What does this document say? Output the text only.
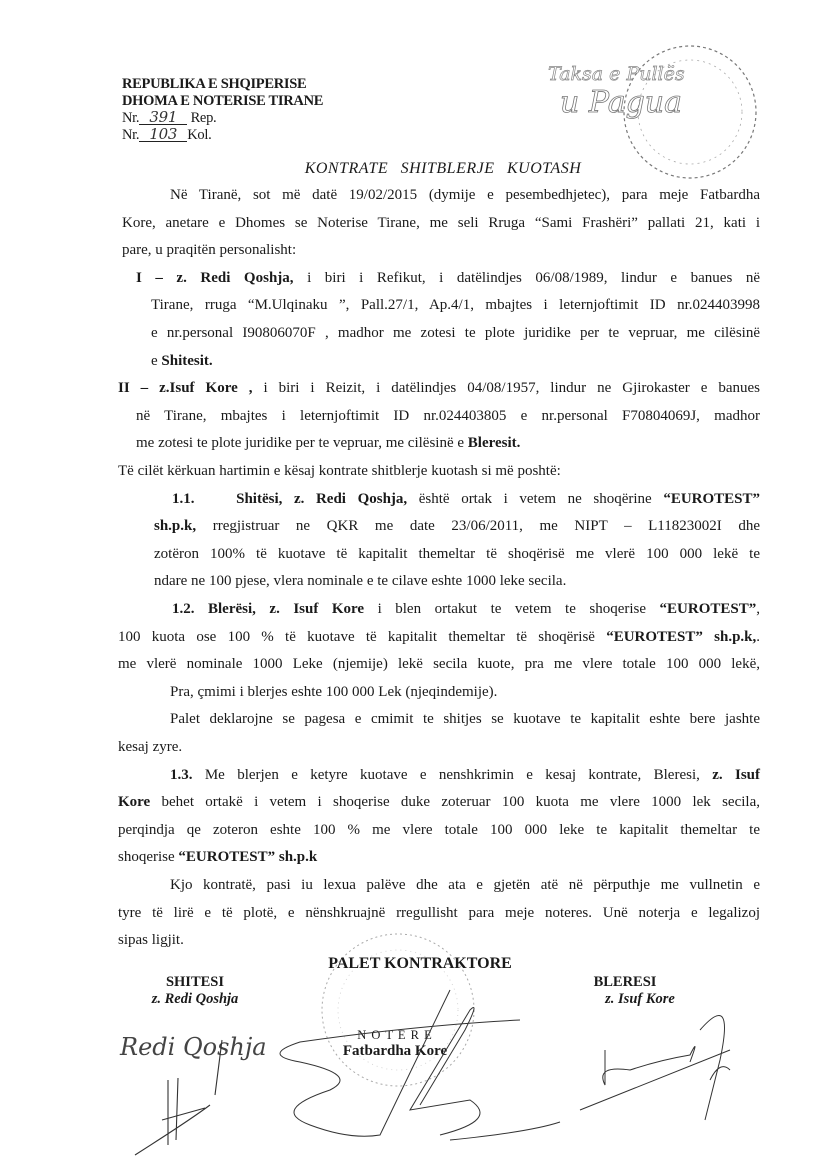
REPUBLIKA E SHQIPERISE
DHOMA E NOTERISE TIRANE
Nr. 391 Rep.
Nr. 103 Kol.
Taksa e Pullës
u Pagua
KONTRATE SHITBLERJE KUOTASH
Në Tiranë, sot më datë 19/02/2015 (dymije e pesembedhjetec), para meje Fatbardha
Kore, anetare e Dhomes se Noterise Tirane, me seli Rruga “Sami Frashëri” pallati 21, kati i
pare, u praqitën personalisht:
I – z. Redi Qoshja, i biri i Refikut, i datëlindjes 06/08/1989, lindur e banues në
Tirane, rruga “M.Ulqinaku ”, Pall.27/1, Ap.4/1, mbajtes i leternjoftimit ID nr.024403998
e nr.personal I90806070F , madhor me zotesi te plote juridike per te vepruar, me cilësinë
e Shitesit.
II – z.Isuf Kore , i biri i Reizit, i datëlindjes 04/08/1957, lindur ne Gjirokaster e banues
në Tirane, mbajtes i leternjoftimit ID nr.024403805 e nr.personal F70804069J, madhor
me zotesi te plote juridike per te vepruar, me cilësinë e Bleresit.
Të cilët kërkuan hartimin e kësaj kontrate shitblerje kuotash si më poshtë:
1.1.	Shitësi, z. Redi Qoshja, është ortak i vetem ne shoqërine “EUROTEST”
sh.p.k, rregjistruar ne QKR me date 23/06/2011, me NIPT – L11823002I dhe
zotëron 100% të kuotave të kapitalit themeltar të shoqërisë me vlerë 100 000 lekë te
ndare ne 100 pjese, vlera nominale e te cilave eshte 1000 leke secila.
1.2. Blerësi, z. Isuf Kore i blen ortakut te vetem te shoqerise “EUROTEST”,
100 kuota ose 100 % të kuotave të kapitalit themeltar të shoqërisë “EUROTEST” sh.p.k,.
me vlerë nominale 1000 Leke (njemije) lekë secila kuote, pra me vlere totale 100 000 lekë,
Pra, çmimi i blerjes eshte 100 000 Lek (njeqindemije).
Palet deklarojne se pagesa e cmimit te shitjes se kuotave te kapitalit eshte bere jashte
kesaj zyre.
1.3. Me blerjen e ketyre kuotave e nenshkrimin e kesaj kontrate, Bleresi, z. Isuf
Kore behet ortakë i vetem i shoqerise duke zoteruar 100 kuota me vlere 1000 lek secila,
perqindja qe zoteron eshte 100 % me vlere totale 100 000 leke te kapitalit themeltar te
shoqerise “EUROTEST” sh.p.k
Kjo kontratë, pasi iu lexua palëve dhe ata e gjetën atë në përputhje me vullnetin e
tyre të lirë e të plotë, e nënshkruajnë rregullisht para meje noteres. Unë noterja e legalizoj
sipas ligjit.
PALET KONTRAKTORE
SHITESI
z. Redi Qoshja
BLERESI
z. Isuf Kore
N O T E R E
Fatbardha Kore
Redi Qoshja
